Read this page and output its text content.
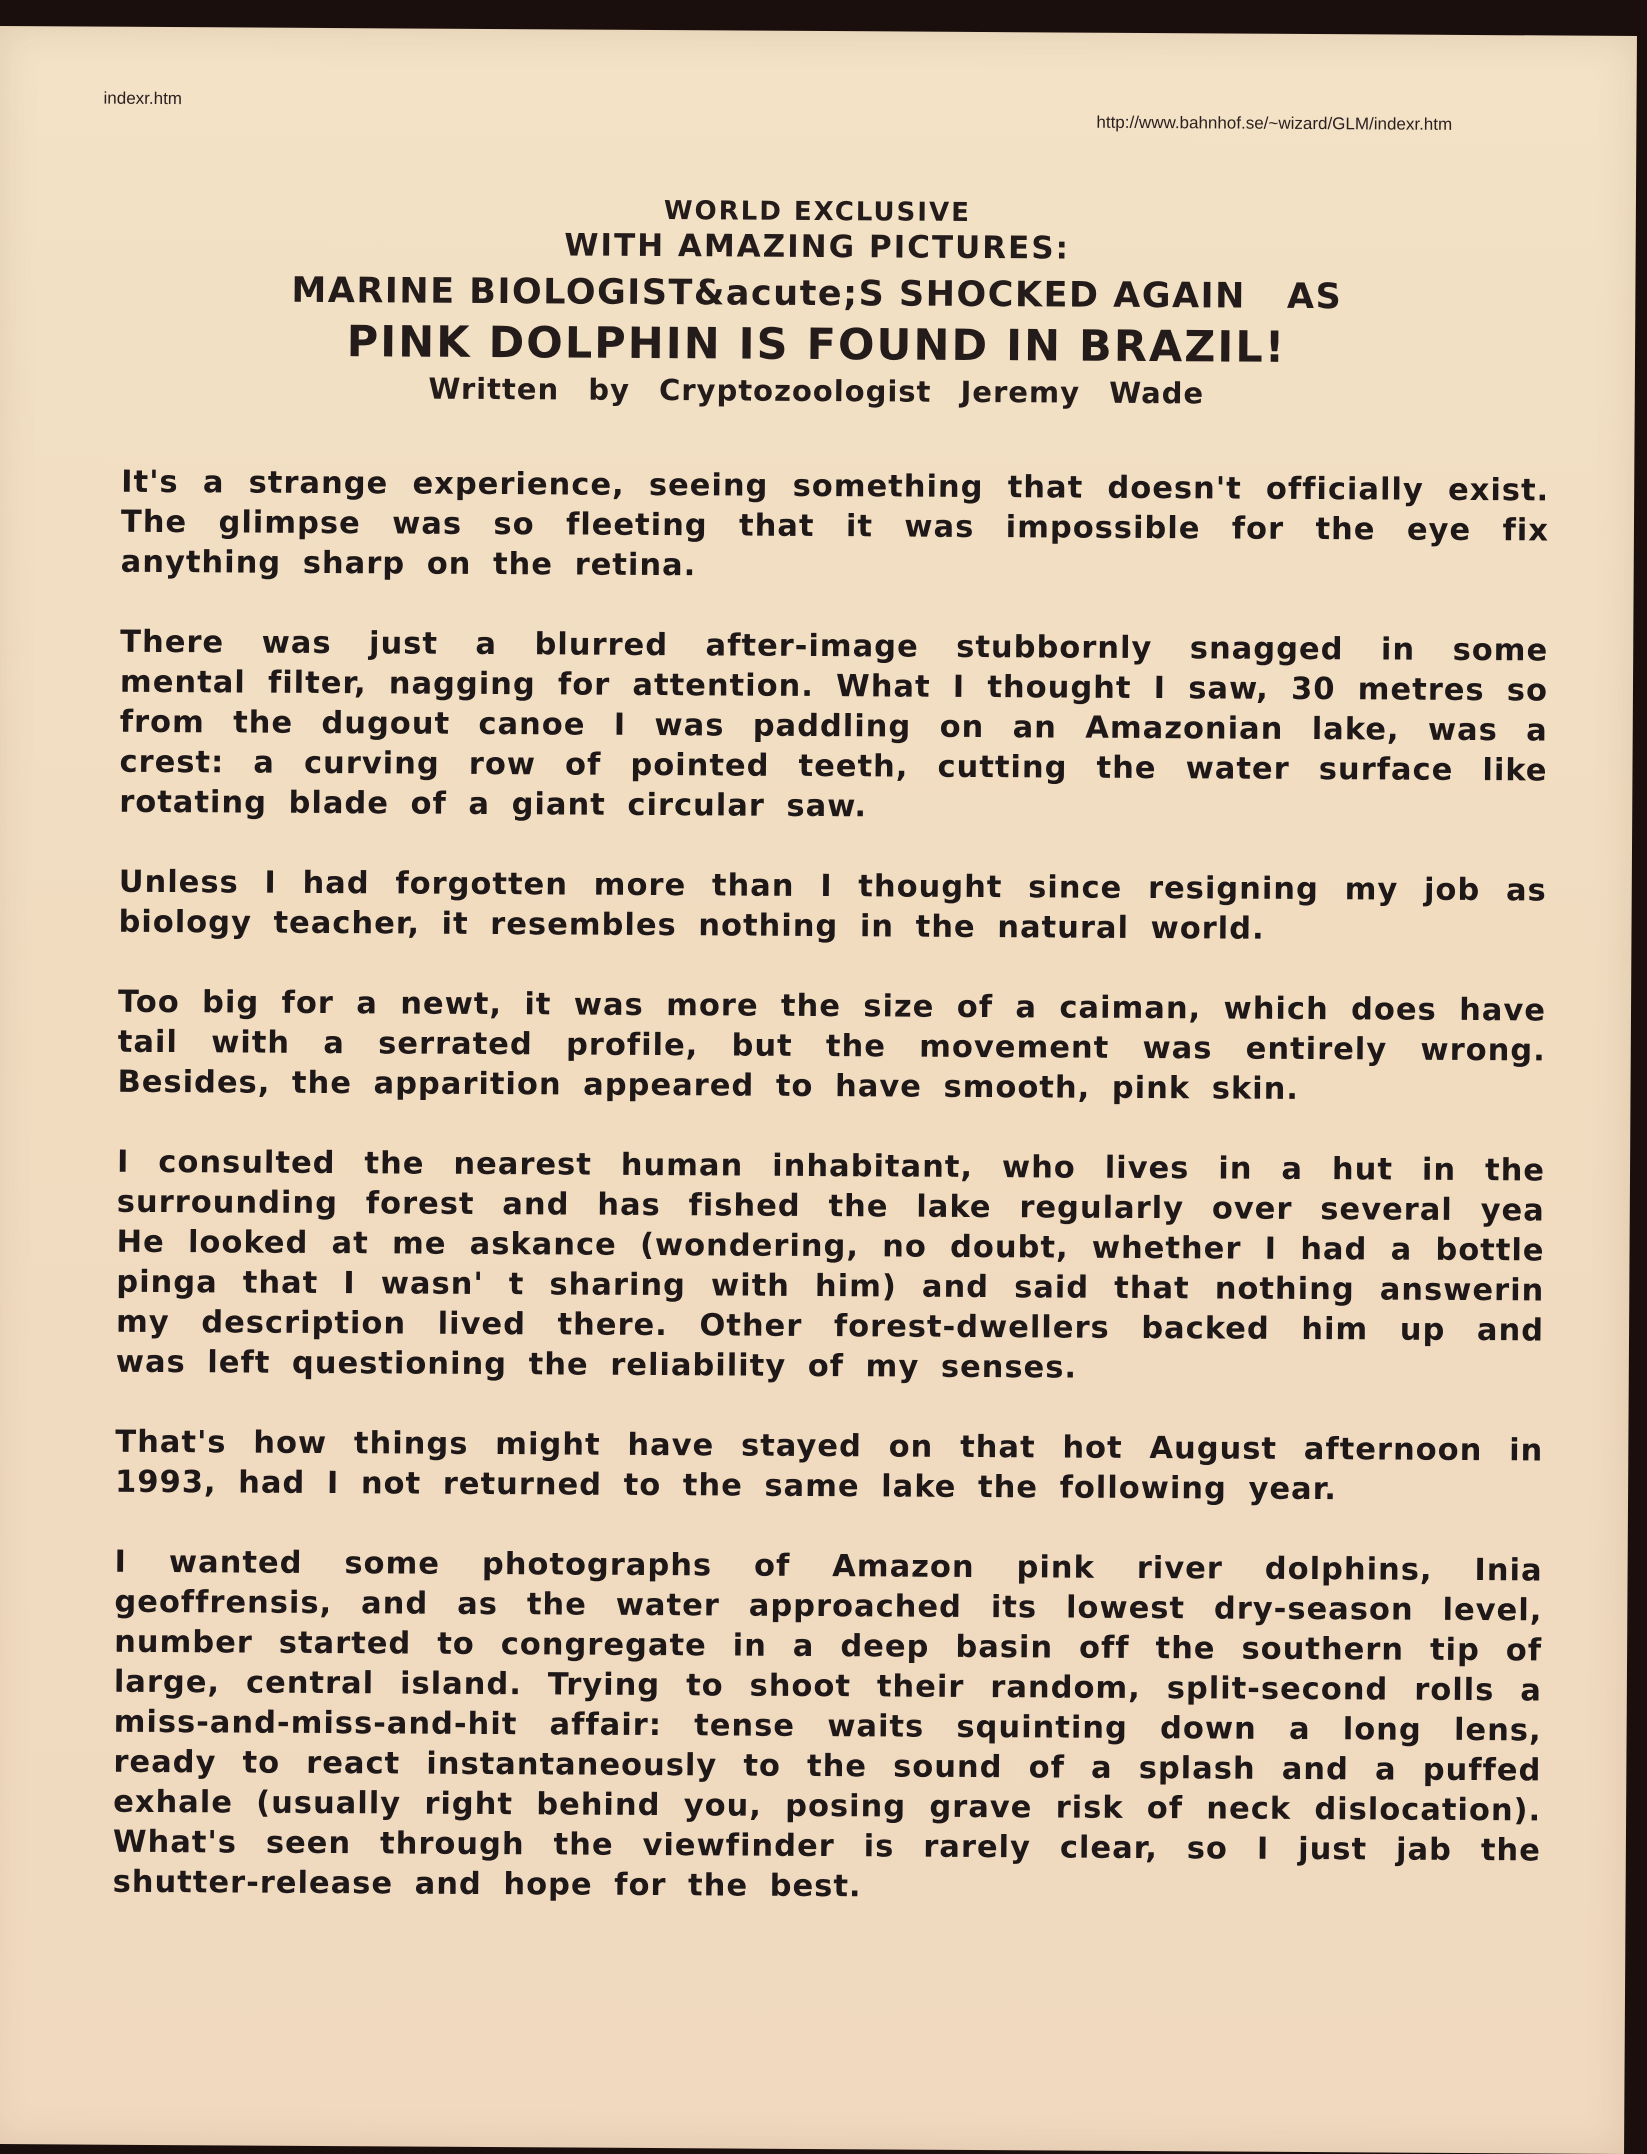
indexr.htm
http://www.bahnhof.se/~wizard/GLM/indexr.htm
WORLD EXCLUSIVE
WITH AMAZING PICTURES:
MARINE BIOLOGIST&acute;S SHOCKED AGAIN   AS
PINK DOLPHIN IS FOUND IN BRAZIL!
Written by Cryptozoologist Jeremy Wade

It's a strange experience, seeing something that doesn't officially exist. The glimpse was so fleeting that it was impossible for the eye fix anything sharp on the retina.

There was just a blurred after-image stubbornly snagged in some mental filter, nagging for attention. What I thought I saw, 30 metres so from the dugout canoe I was paddling on an Amazonian lake, was a crest: a curving row of pointed teeth, cutting the water surface like rotating blade of a giant circular saw.

Unless I had forgotten more than I thought since resigning my job as biology teacher, it resembles nothing in the natural world.

Too big for a newt, it was more the size of a caiman, which does have tail with a serrated profile, but the movement was entirely wrong. Besides, the apparition appeared to have smooth, pink skin.

I consulted the nearest human inhabitant, who lives in a hut in the surrounding forest and has fished the lake regularly over several yea He looked at me askance (wondering, no doubt, whether I had a bottle pinga that I wasn' t sharing with him) and said that nothing answerin my description lived there. Other forest-dwellers backed him up and was left questioning the reliability of my senses.

That's how things might have stayed on that hot August afternoon in 1993, had I not returned to the same lake the following year.

I wanted some photographs of Amazon pink river dolphins, Inia geoffrensis, and as the water approached its lowest dry-season level, number started to congregate in a deep basin off the southern tip of large, central island. Trying to shoot their random, split-second rolls a miss-and-miss-and-hit affair: tense waits squinting down a long lens, ready to react instantaneously to the sound of a splash and a puffed exhale (usually right behind you, posing grave risk of neck dislocation). What's seen through the viewfinder is rarely clear, so I just jab the shutter-release and hope for the best.
